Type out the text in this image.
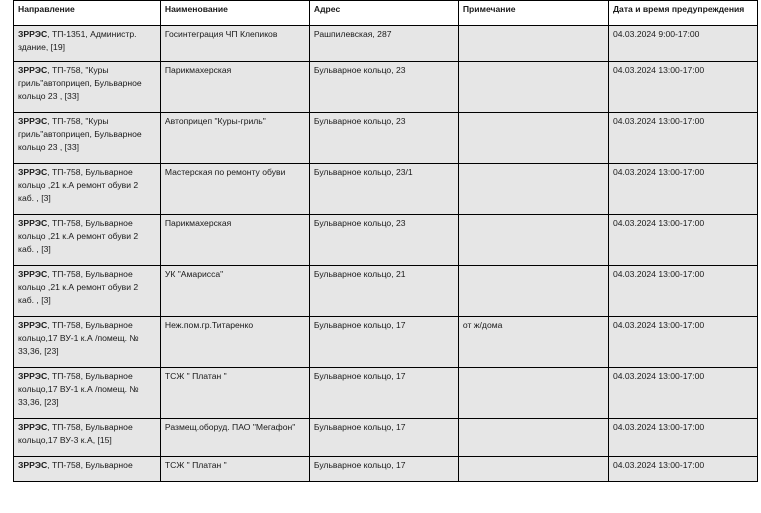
Направление	Наименование	Адрес	Примечание	Дата и время предупреждения
ЗРРЭС, ТП-1351, Администр. здание, [19]	Госинтеграция ЧП Клепиков	Рашпилевская, 287		04.03.2024 9:00-17:00
ЗРРЭС, ТП-758, "Куры гриль"автоприцеп, Бульварное кольцо 23 , [33]	Парикмахерская	Бульварное кольцо, 23		04.03.2024 13:00-17:00
ЗРРЭС, ТП-758, "Куры гриль"автоприцеп, Бульварное кольцо 23 , [33]	Автоприцеп "Куры-гриль"	Бульварное кольцо, 23		04.03.2024 13:00-17:00
ЗРРЭС, ТП-758, Бульварное кольцо ,21 к.А ремонт обуви 2 каб. , [3]	Мастерская по ремонту обуви	Бульварное кольцо, 23/1		04.03.2024 13:00-17:00
ЗРРЭС, ТП-758, Бульварное кольцо ,21 к.А ремонт обуви 2 каб. , [3]	Парикмахерская	Бульварное кольцо, 23		04.03.2024 13:00-17:00
ЗРРЭС, ТП-758, Бульварное кольцо ,21 к.А ремонт обуви 2 каб. , [3]	УК "Амарисса"	Бульварное кольцо, 21		04.03.2024 13:00-17:00
ЗРРЭС, ТП-758, Бульварное кольцо,17 ВУ-1 к.А /помещ. № 33,36, [23]	Неж.пом.гр.Титаренко	Бульварное кольцо, 17	от ж/дома	04.03.2024 13:00-17:00
ЗРРЭС, ТП-758, Бульварное кольцо,17 ВУ-1 к.А /помещ. № 33,36, [23]	ТСЖ " Платан "	Бульварное кольцо, 17		04.03.2024 13:00-17:00
ЗРРЭС, ТП-758, Бульварное кольцо,17 ВУ-3 к.А, [15]	Размещ.оборуд. ПАО "Мегафон"	Бульварное кольцо, 17		04.03.2024 13:00-17:00
ЗРРЭС, ТП-758, Бульварное	ТСЖ " Платан "	Бульварное кольцо, 17		04.03.2024 13:00-17:00
